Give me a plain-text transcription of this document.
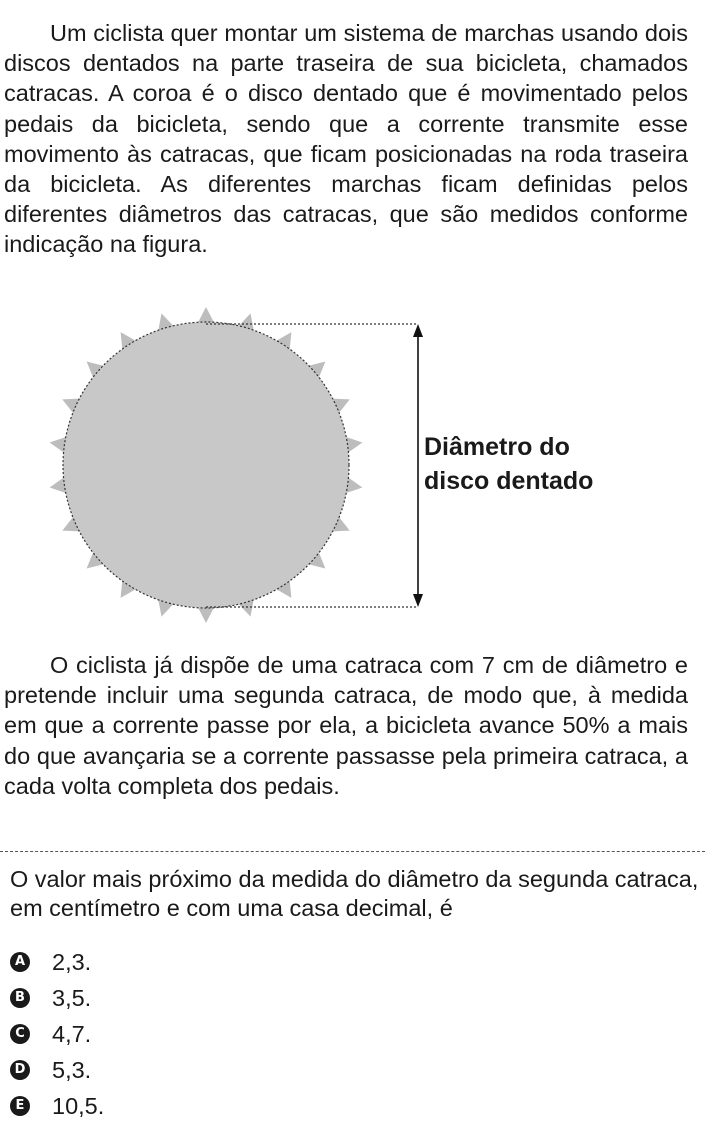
Um ciclista quer montar um sistema de marchas usando dois discos dentados na parte traseira de sua bicicleta, chamados catracas. A coroa é o disco dentado que é movimentado pelos pedais da bicicleta, sendo que a corrente transmite esse movimento às catracas, que ficam posicionadas na roda traseira da bicicleta. As diferentes marchas ficam definidas pelos diferentes diâmetros das catracas, que são medidos conforme indicação na figura.

Diâmetro do
disco dentado

O ciclista já dispõe de uma catraca com 7 cm de diâmetro e pretende incluir uma segunda catraca, de modo que, à medida em que a corrente passe por ela, a bicicleta avance 50% a mais do que avançaria se a corrente passasse pela primeira catraca, a cada volta completa dos pedais.

O valor mais próximo da medida do diâmetro da segunda catraca, em centímetro e com uma casa decimal, é

A 2,3.
B 3,5.
C 4,7.
D 5,3.
E 10,5.
